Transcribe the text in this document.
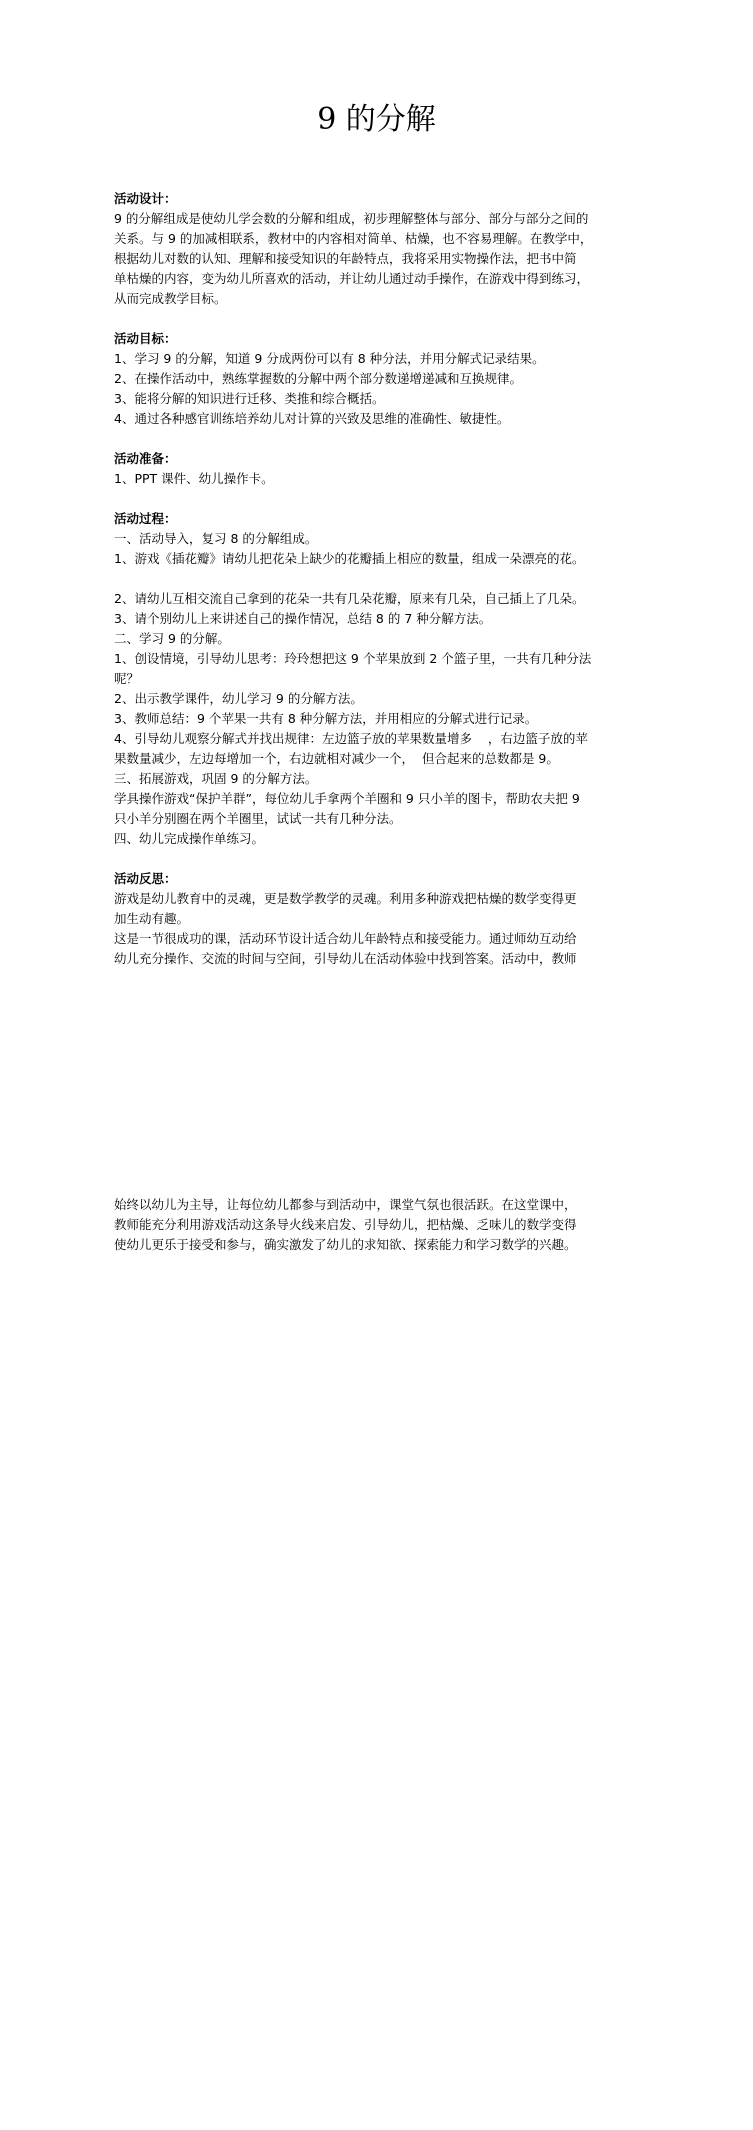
9 的分解

活动设计：

9 的分解组成是使幼儿学会数的分解和组成，初步理解整体与部分、部分与部分之间的

关系。与 9 的加减相联系，教材中的内容相对简单、枯燥，也不容易理解。在教学中，

根据幼儿对数的认知、理解和接受知识的年龄特点，我将采用实物操作法，把书中简

单枯燥的内容，变为幼儿所喜欢的活动，并让幼儿通过动手操作，在游戏中得到练习，

从而完成教学目标。

活动目标：

1、学习 9 的分解，知道 9 分成两份可以有 8 种分法，并用分解式记录结果。

2、在操作活动中，熟练掌握数的分解中两个部分数递增递减和互换规律。

3、能将分解的知识进行迁移、类推和综合概括。

4、通过各种感官训练培养幼儿对计算的兴致及思维的准确性、敏捷性。

活动准备：

1、PPT 课件、幼儿操作卡。

活动过程：

一、活动导入，复习 8 的分解组成。

1、游戏《插花瓣》请幼儿把花朵上缺少的花瓣插上相应的数量，组成一朵漂亮的花。

2、请幼儿互相交流自己拿到的花朵一共有几朵花瓣，原来有几朵，自己插上了几朵。

3、请个别幼儿上来讲述自己的操作情况，总结 8 的 7 种分解方法。

二、学习 9 的分解。

1、创设情境，引导幼儿思考：玲玲想把这 9 个苹果放到 2 个篮子里，一共有几种分法

呢？

2、出示教学课件，幼儿学习 9 的分解方法。

3、教师总结：9 个苹果一共有 8 种分解方法，并用相应的分解式进行记录。

4、引导幼儿观察分解式并找出规律：左边篮子放的苹果数量增多    ，右边篮子放的苹

果数量减少，左边每增加一个，右边就相对减少一个，  但合起来的总数都是 9。

三、拓展游戏，巩固 9 的分解方法。

学具操作游戏“保护羊群”，每位幼儿手拿两个羊圈和 9 只小羊的图卡，帮助农夫把 9

只小羊分别圈在两个羊圈里，试试一共有几种分法。

四、幼儿完成操作单练习。

活动反思：

游戏是幼儿教育中的灵魂，更是数学教学的灵魂。利用多种游戏把枯燥的数学变得更

加生动有趣。

这是一节很成功的课，活动环节设计适合幼儿年龄特点和接受能力。通过师幼互动给

幼儿充分操作、交流的时间与空间，引导幼儿在活动体验中找到答案。活动中，教师

始终以幼儿为主导，让每位幼儿都参与到活动中，课堂气氛也很活跃。在这堂课中，

教师能充分利用游戏活动这条导火线来启发、引导幼儿，把枯燥、乏味儿的数学变得

使幼儿更乐于接受和参与，确实激发了幼儿的求知欲、探索能力和学习数学的兴趣。
